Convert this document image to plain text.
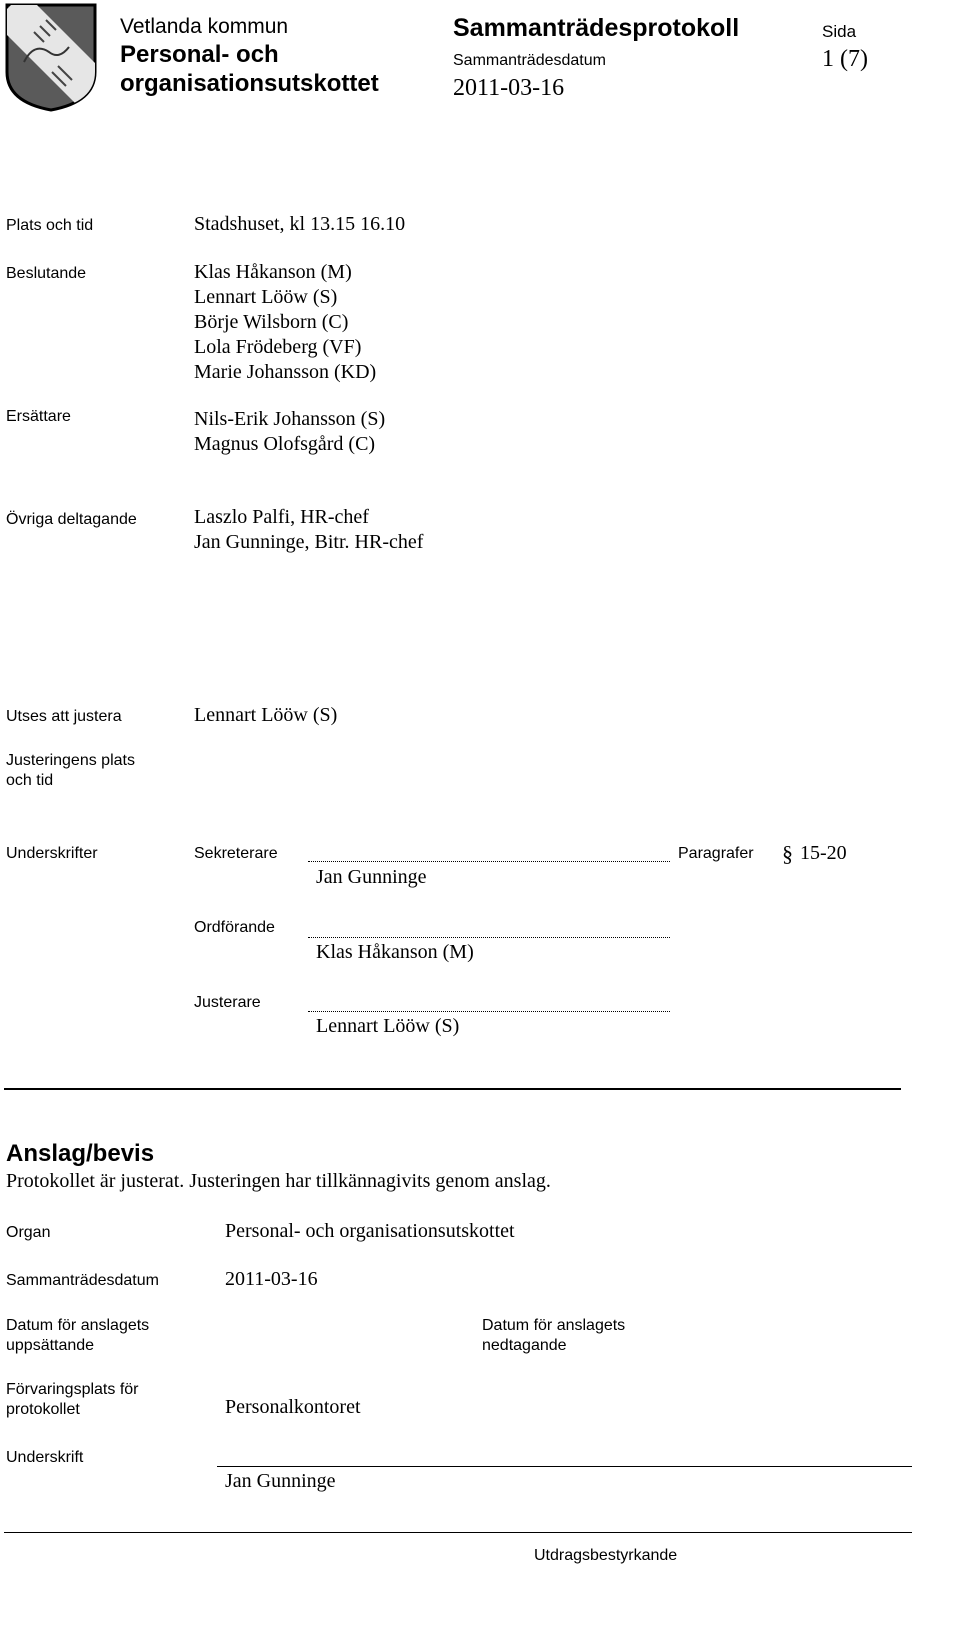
Vetlanda kommun
Personal- och
organisationsutskottet
Sammanträdesprotokoll
Sammanträdesdatum
2011-03-16
Sida
1 (7)
Plats och tid	Stadshuset, kl 13.15 16.10
Beslutande	Klas Håkanson (M)
Lennart Lööw (S)
Börje Wilsborn (C)
Lola Frödeberg (VF)
Marie Johansson (KD)
Ersättare	Nils-Erik Johansson (S)
Magnus Olofsgård (C)
Övriga deltagande	Laszlo Palfi, HR-chef
Jan Gunninge, Bitr. HR-chef
Utses att justera	Lennart Lööw (S)
Justeringens plats
och tid
Underskrifter	Sekreterare
Jan Gunninge
Paragrafer § 15-20
Ordförande
Klas Håkanson (M)
Justerare
Lennart Lööw (S)
Anslag/bevis
Protokollet är justerat. Justeringen har tillkännagivits genom anslag.
Organ	Personal- och organisationsutskottet
Sammanträdesdatum	2011-03-16
Datum för anslagets
uppsättande
Datum för anslagets
nedtagande
Förvaringsplats för
protokollet	Personalkontoret
Underskrift
Jan Gunninge
Utdragsbestyrkande
